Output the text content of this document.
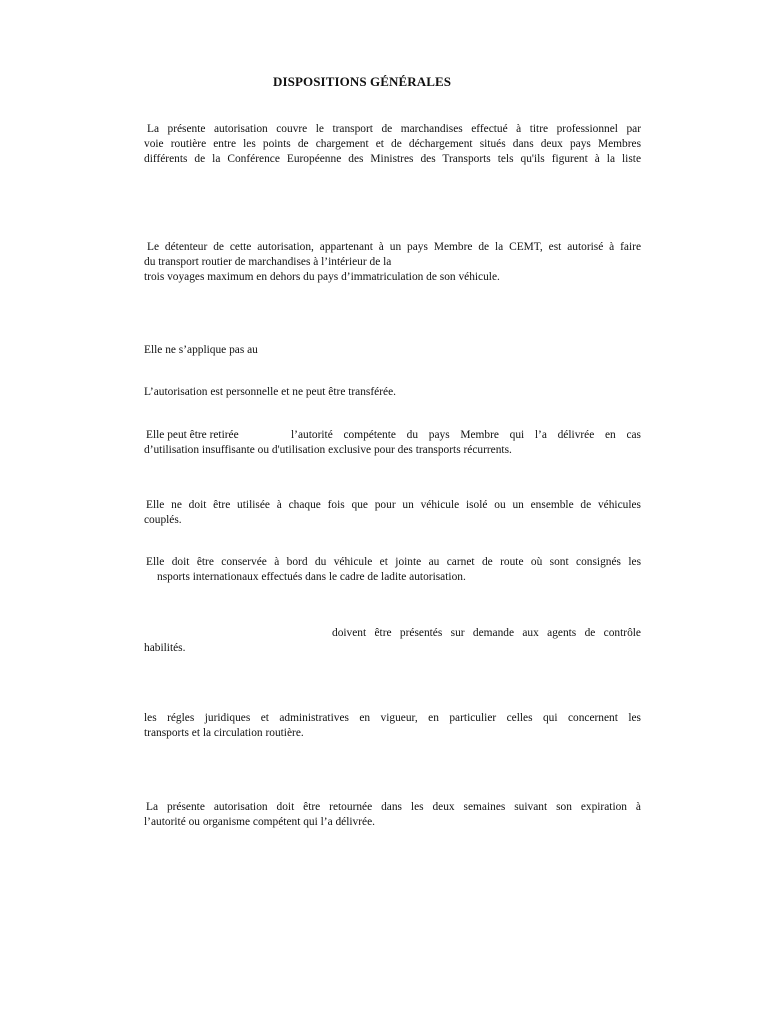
DISPOSITIONS GÉNÉRALES

La présente autorisation couvre le transport de marchandises effectué à titre professionnel par
voie routière entre les points de chargement et de déchargement situés dans deux pays Membres
différents de la Conférence Européenne des Ministres des Transports tels qu'ils figurent à la liste

Le détenteur de cette autorisation, appartenant à un pays Membre de la CEMT, est autorisé à faire
du transport routier de marchandises à l’intérieur de la
trois voyages maximum en dehors du pays d’immatriculation de son véhicule.

Elle ne s’applique pas au

L’autorisation est personnelle et ne peut être transférée.

Elle peut être retirée	l’autorité compétente du pays Membre qui l’a délivrée en cas
d’utilisation insuffisante ou d'utilisation exclusive pour des transports récurrents.

Elle ne doit être utilisée à chaque fois que pour un véhicule isolé ou un ensemble de véhicules
couplés.

Elle doit être conservée à bord du véhicule et jointe au carnet de route où sont consignés les
nsports internationaux effectués dans le cadre de ladite autorisation.

doivent être présentés sur demande aux agents de contrôle
habilités.

les régles juridiques et administratives en vigueur, en particulier celles qui concernent les
transports et la circulation routière.

La présente autorisation doit être retournée dans les deux semaines suivant son expiration à
l’autorité ou organisme compétent qui l’a délivrée.
